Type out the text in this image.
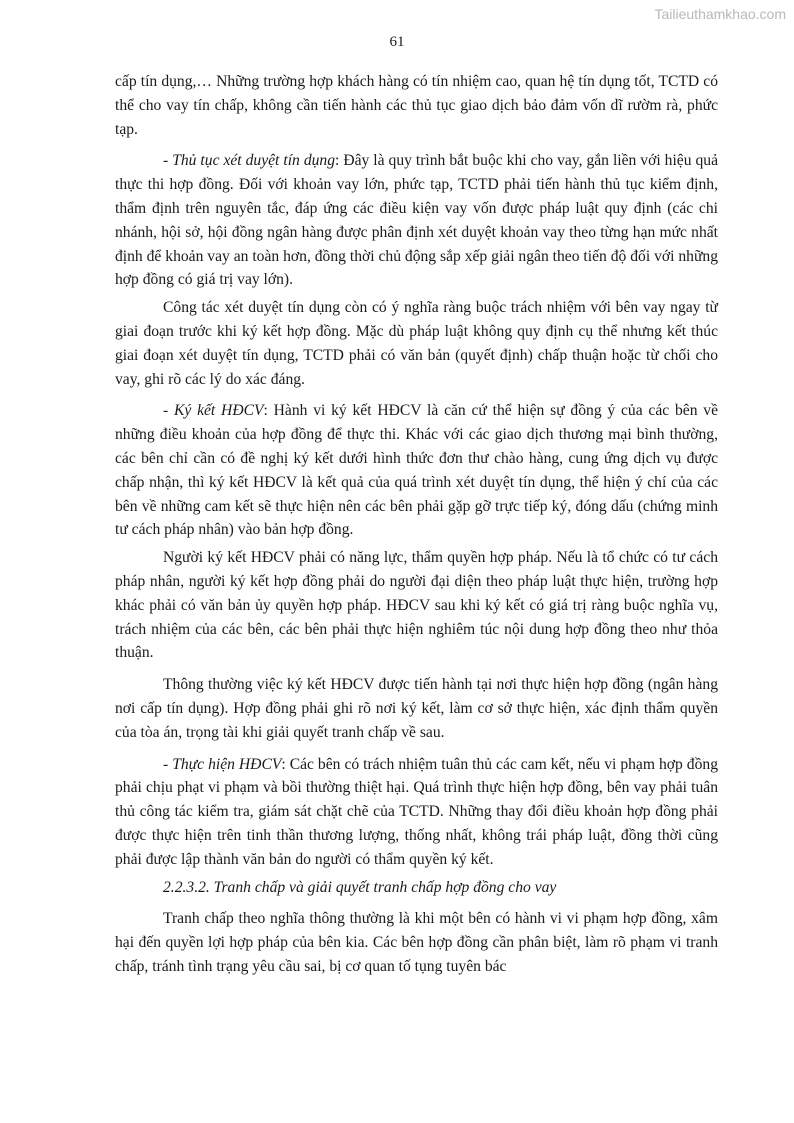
Tailieuthamkhao.com
61

cấp tín dụng,… Những trường hợp khách hàng có tín nhiệm cao, quan hệ tín dụng tốt, TCTD có thể cho vay tín chấp, không cần tiến hành các thủ tục giao dịch bảo đảm vốn dĩ rườm rà, phức tạp.

- Thủ tục xét duyệt tín dụng: Đây là quy trình bắt buộc khi cho vay, gắn liền với hiệu quả thực thi hợp đồng. Đối với khoản vay lớn, phức tạp, TCTD phải tiến hành thủ tục kiểm định, thẩm định trên nguyên tắc, đáp ứng các điều kiện vay vốn được pháp luật quy định (các chi nhánh, hội sở, hội đồng ngân hàng được phân định xét duyệt khoản vay theo từng hạn mức nhất định để khoản vay an toàn hơn, đồng thời chủ động sắp xếp giải ngân theo tiến độ đối với những hợp đồng có giá trị vay lớn).

Công tác xét duyệt tín dụng còn có ý nghĩa ràng buộc trách nhiệm với bên vay ngay từ giai đoạn trước khi ký kết hợp đồng. Mặc dù pháp luật không quy định cụ thể nhưng kết thúc giai đoạn xét duyệt tín dụng, TCTD phải có văn bản (quyết định) chấp thuận hoặc từ chối cho vay, ghi rõ các lý do xác đáng.

- Ký kết HĐCV: Hành vi ký kết HĐCV là căn cứ thể hiện sự đồng ý của các bên về những điều khoản của hợp đồng để thực thi. Khác với các giao dịch thương mại bình thường, các bên chỉ cần có đề nghị ký kết dưới hình thức đơn thư chào hàng, cung ứng dịch vụ được chấp nhận, thì ký kết HĐCV là kết quả của quá trình xét duyệt tín dụng, thể hiện ý chí của các bên về những cam kết sẽ thực hiện nên các bên phải gặp gỡ trực tiếp ký, đóng dấu (chứng minh tư cách pháp nhân) vào bản hợp đồng.

Người ký kết HĐCV phải có năng lực, thẩm quyền hợp pháp. Nếu là tổ chức có tư cách pháp nhân, người ký kết hợp đồng phải do người đại diện theo pháp luật thực hiện, trường hợp khác phải có văn bản ủy quyền hợp pháp. HĐCV sau khi ký kết có giá trị ràng buộc nghĩa vụ, trách nhiệm của các bên, các bên phải thực hiện nghiêm túc nội dung hợp đồng theo như thỏa thuận.

Thông thường việc ký kết HĐCV được tiến hành tại nơi thực hiện hợp đồng (ngân hàng nơi cấp tín dụng). Hợp đồng phải ghi rõ nơi ký kết, làm cơ sở thực hiện, xác định thẩm quyền của tòa án, trọng tài khi giải quyết tranh chấp về sau.

- Thực hiện HĐCV: Các bên có trách nhiệm tuân thủ các cam kết, nếu vi phạm hợp đồng phải chịu phạt vi phạm và bồi thường thiệt hại. Quá trình thực hiện hợp đồng, bên vay phải tuân thủ công tác kiểm tra, giám sát chặt chẽ của TCTD. Những thay đổi điều khoản hợp đồng phải được thực hiện trên tinh thần thương lượng, thống nhất, không trái pháp luật, đồng thời cũng phải được lập thành văn bản do người có thẩm quyền ký kết.

2.2.3.2. Tranh chấp và giải quyết tranh chấp hợp đồng cho vay

Tranh chấp theo nghĩa thông thường là khi một bên có hành vi vi phạm hợp đồng, xâm hại đến quyền lợi hợp pháp của bên kia. Các bên hợp đồng cần phân biệt, làm rõ phạm vi tranh chấp, tránh tình trạng yêu cầu sai, bị cơ quan tố tụng tuyên bác
